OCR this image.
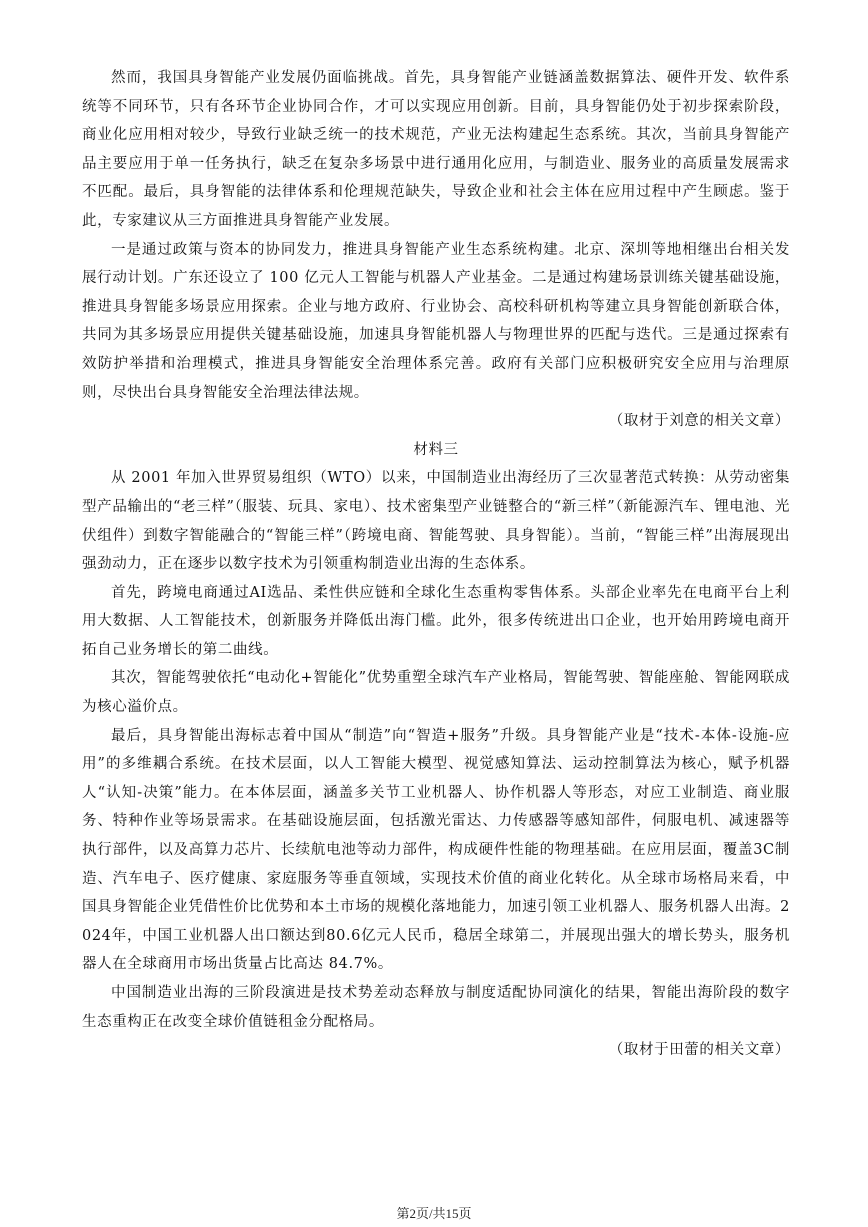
然而，我国具身智能产业发展仍面临挑战。首先，具身智能产业链涵盖数据算法、硬件开发、软件系统等不同环节，只有各环节企业协同合作，才可以实现应用创新。目前，具身智能仍处于初步探索阶段，商业化应用相对较少，导致行业缺乏统一的技术规范，产业无法构建起生态系统。其次，当前具身智能产品主要应用于单一任务执行，缺乏在复杂多场景中进行通用化应用，与制造业、服务业的高质量发展需求不匹配。最后，具身智能的法律体系和伦理规范缺失，导致企业和社会主体在应用过程中产生顾虑。鉴于此，专家建议从三方面推进具身智能产业发展。

一是通过政策与资本的协同发力，推进具身智能产业生态系统构建。北京、深圳等地相继出台相关发展行动计划。广东还设立了 100 亿元人工智能与机器人产业基金。二是通过构建场景训练关键基础设施，推进具身智能多场景应用探索。企业与地方政府、行业协会、高校科研机构等建立具身智能创新联合体，共同为其多场景应用提供关键基础设施，加速具身智能机器人与物理世界的匹配与迭代。三是通过探索有效防护举措和治理模式，推进具身智能安全治理体系完善。政府有关部门应积极研究安全应用与治理原则，尽快出台具身智能安全治理法律法规。

（取材于刘意的相关文章）

材料三

从 2001 年加入世界贸易组织（WTO）以来，中国制造业出海经历了三次显著范式转换：从劳动密集型产品输出的“老三样”（服装、玩具、家电）、技术密集型产业链整合的“新三样”（新能源汽车、锂电池、光伏组件）到数字智能融合的“智能三样”（跨境电商、智能驾驶、具身智能）。当前，“智能三样”出海展现出强劲动力，正在逐步以数字技术为引领重构制造业出海的生态体系。

首先，跨境电商通过AI选品、柔性供应链和全球化生态重构零售体系。头部企业率先在电商平台上利用大数据、人工智能技术，创新服务并降低出海门槛。此外，很多传统进出口企业，也开始用跨境电商开拓自己业务增长的第二曲线。

其次，智能驾驶依托“电动化+智能化”优势重塑全球汽车产业格局，智能驾驶、智能座舱、智能网联成为核心溢价点。

最后，具身智能出海标志着中国从“制造”向“智造+服务”升级。具身智能产业是“技术-本体-设施-应用”的多维耦合系统。在技术层面，以人工智能大模型、视觉感知算法、运动控制算法为核心，赋予机器人“认知-决策”能力。在本体层面，涵盖多关节工业机器人、协作机器人等形态，对应工业制造、商业服务、特种作业等场景需求。在基础设施层面，包括激光雷达、力传感器等感知部件，伺服电机、减速器等执行部件，以及高算力芯片、长续航电池等动力部件，构成硬件性能的物理基础。在应用层面，覆盖3C制造、汽车电子、医疗健康、家庭服务等垂直领域，实现技术价值的商业化转化。从全球市场格局来看，中国具身智能企业凭借性价比优势和本土市场的规模化落地能力，加速引领工业机器人、服务机器人出海。2024年，中国工业机器人出口额达到80.6亿元人民币，稳居全球第二，并展现出强大的增长势头，服务机器人在全球商用市场出货量占比高达 84.7%。

中国制造业出海的三阶段演进是技术势差动态释放与制度适配协同演化的结果，智能出海阶段的数字生态重构正在改变全球价值链租金分配格局。

（取材于田蕾的相关文章）

第2页/共15页
